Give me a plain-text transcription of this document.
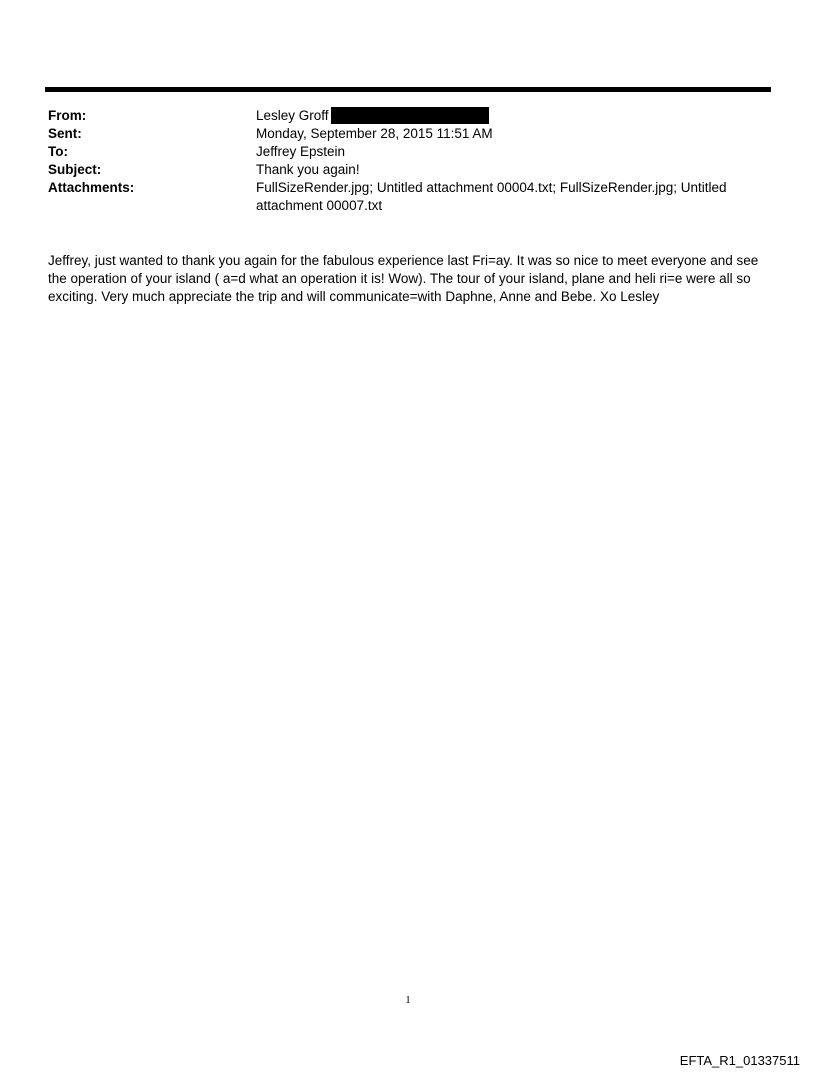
From:	Lesley Groff
Sent:	Monday, September 28, 2015 11:51 AM
To:	Jeffrey Epstein
Subject:	Thank you again!
Attachments:	FullSizeRender.jpg; Untitled attachment 00004.txt; FullSizeRender.jpg; Untitled attachment 00007.txt
Jeffrey, just wanted to thank you again for the fabulous experience last Fri=ay. It was so nice to meet everyone and see the operation of your island ( a=d what an operation it is! Wow). The tour of your island, plane and heli ri=e were all so exciting. Very much appreciate the trip and will communicate=with Daphne, Anne and Bebe. Xo Lesley
1
EFTA_R1_01337511
